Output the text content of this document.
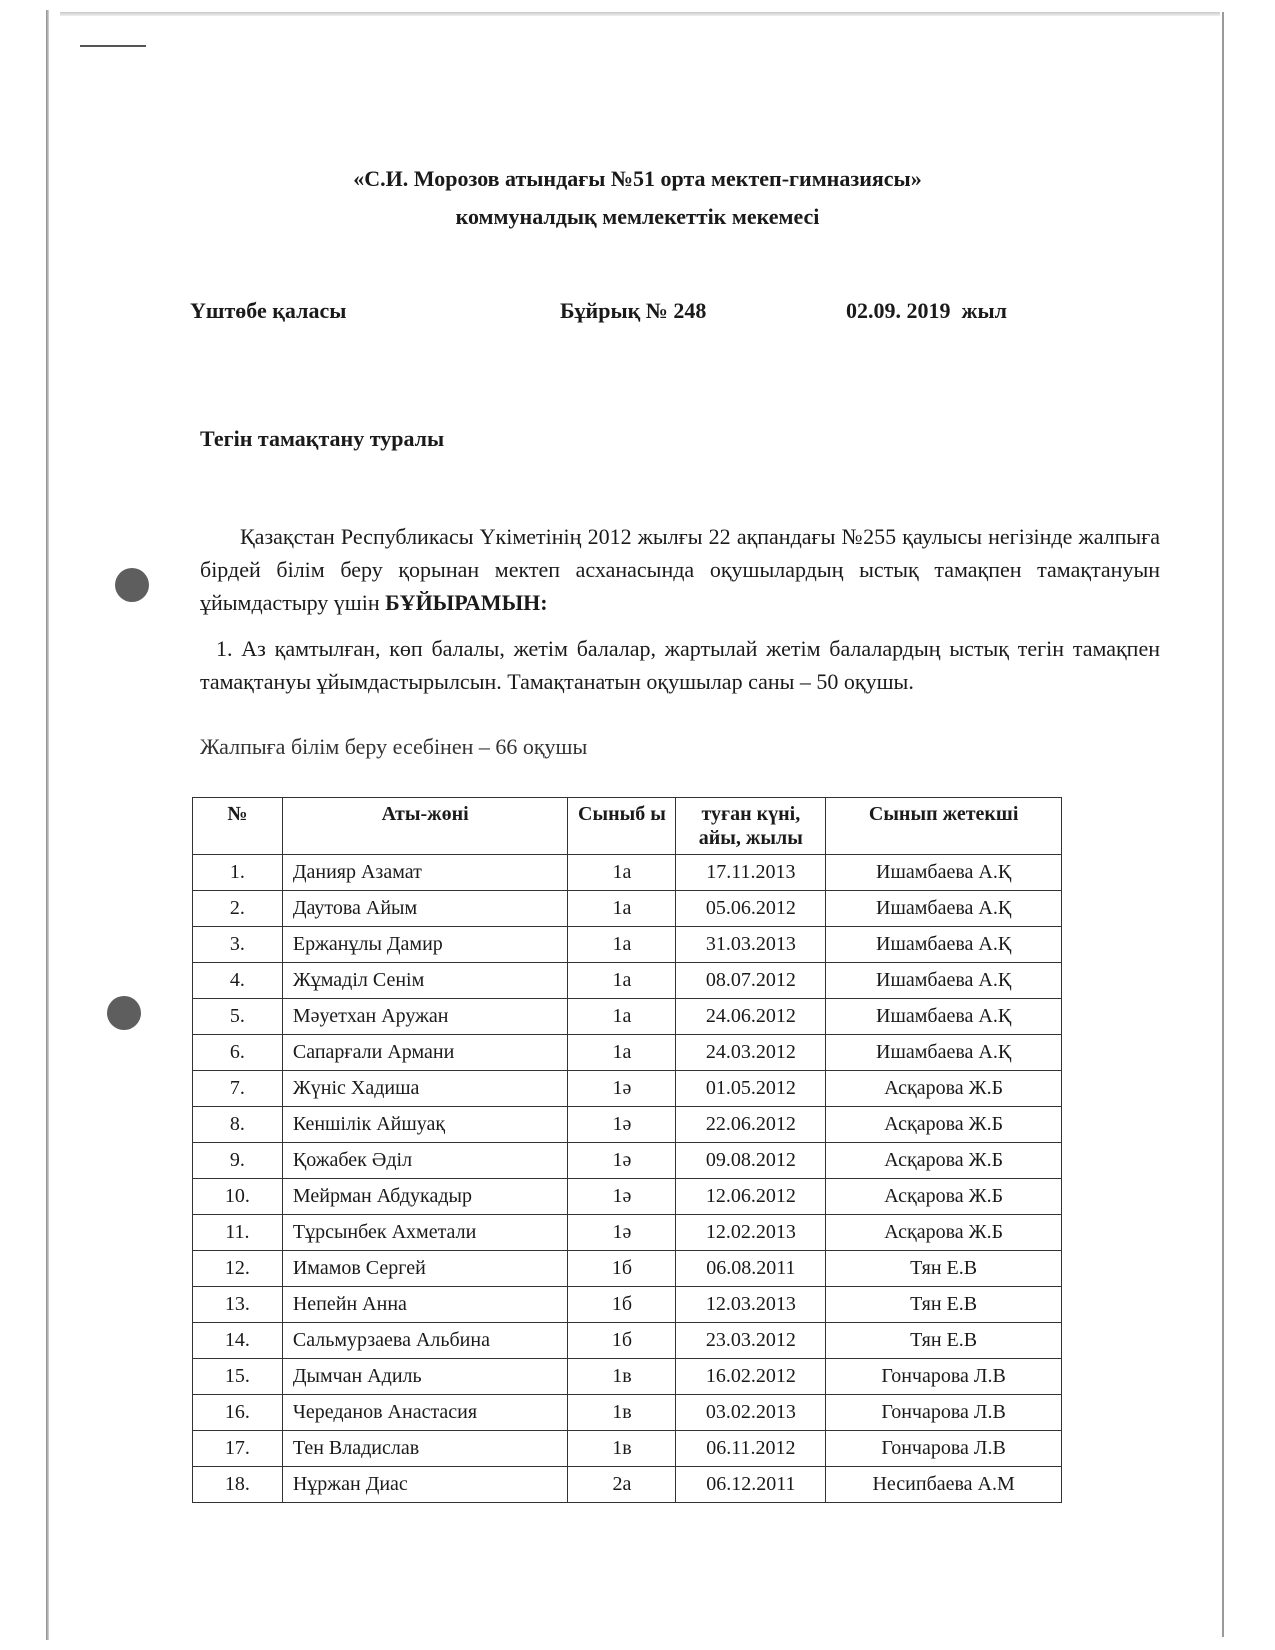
«С.И. Морозов атындағы №51 орта мектеп-гимназиясы»
коммуналдық мемлекеттік мекемесі
Үштөбе қаласы	Бұйрық № 248	02.09. 2019  жыл
Тегін тамақтану туралы
Қазақстан Республикасы Үкіметінің 2012 жылғы 22 ақпандағы №255 қаулысы негізінде жалпыға бірдей білім беру қорынан мектеп асханасында оқушылардың ыстық тамақпен тамақтануын ұйымдастыру үшін БҰЙЫРАМЫН:
1. Аз қамтылған, көп балалы, жетім балалар, жартылай жетім балалардың ыстық тегін тамақпен тамақтануы ұйымдастырылсын. Тамақтанатын оқушылар саны – 50 оқушы.
Жалпыға білім беру есебінен – 66 оқушы
№	Аты-жөні	Сыныб ы	туған күні, айы, жылы	Сынып жетекші
1.	Данияр Азамат	1а	17.11.2013	Ишамбаева А.Қ
2.	Даутова Айым	1а	05.06.2012	Ишамбаева А.Қ
3.	Ержанұлы Дамир	1а	31.03.2013	Ишамбаева А.Қ
4.	Жұмаділ Сенім	1а	08.07.2012	Ишамбаева А.Қ
5.	Мәуетхан Аружан	1а	24.06.2012	Ишамбаева А.Қ
6.	Сапарғали Армани	1а	24.03.2012	Ишамбаева А.Қ
7.	Жүніс Хадиша	1ә	01.05.2012	Асқарова Ж.Б
8.	Кеншілік Айшуақ	1ә	22.06.2012	Асқарова Ж.Б
9.	Қожабек Әділ	1ә	09.08.2012	Асқарова Ж.Б
10.	Мейрман Абдукадыр	1ә	12.06.2012	Асқарова Ж.Б
11.	Тұрсынбек Ахметали	1ә	12.02.2013	Асқарова Ж.Б
12.	Имамов Сергей	1б	06.08.2011	Тян Е.В
13.	Непейн Анна	1б	12.03.2013	Тян Е.В
14.	Сальмурзаева Альбина	1б	23.03.2012	Тян Е.В
15.	Дымчан Адиль	1в	16.02.2012	Гончарова Л.В
16.	Череданов Анастасия	1в	03.02.2013	Гончарова Л.В
17.	Тен Владислав	1в	06.11.2012	Гончарова Л.В
18.	Нұржан Диас	2а	06.12.2011	Несипбаева А.М
